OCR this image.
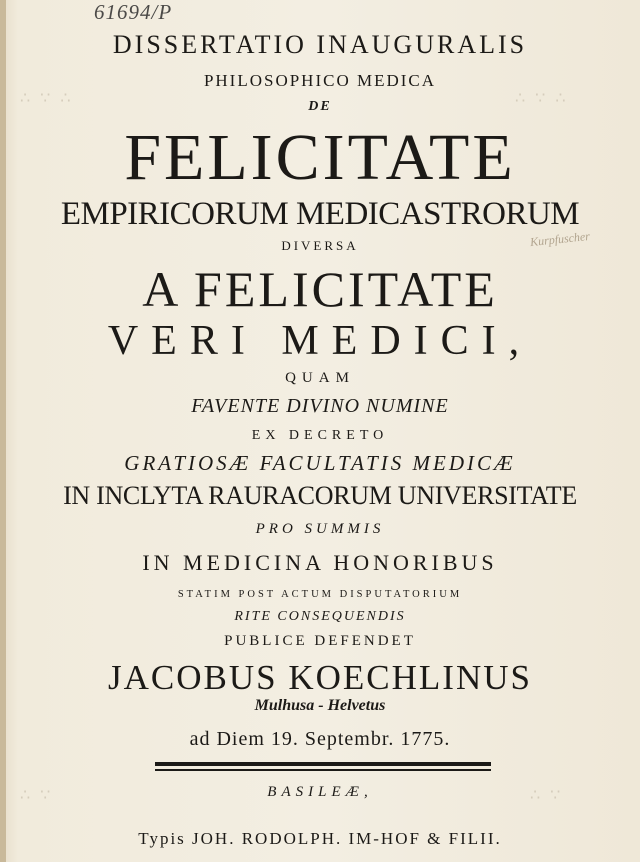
∴ ∵ ∴	∴ ∵ ∴
∴ ∵	∴ ∵
61694/P
Kurpfuscher
DISSERTATIO INAUGURALIS
PHILOSOPHICO MEDICA
DE
FELICITATE
EMPIRICORUM MEDICASTRORUM
DIVERSA
A FELICITATE
VERI MEDICI,
QUAM
FAVENTE DIVINO NUMINE
EX DECRETO
GRATIOSÆ FACULTATIS MEDICÆ
IN INCLYTA RAURACORUM UNIVERSITATE
PRO SUMMIS
IN MEDICINA HONORIBUS
STATIM POST ACTUM DISPUTATORIUM
RITE CONSEQUENDIS
PUBLICE DEFENDET
JACOBUS KOECHLINUS
Mulhusa - Helvetus
ad Diem 19. Septembr. 1775.
BASILEÆ,
Typis JOH. RODOLPH. IM-HOF & FILII.
